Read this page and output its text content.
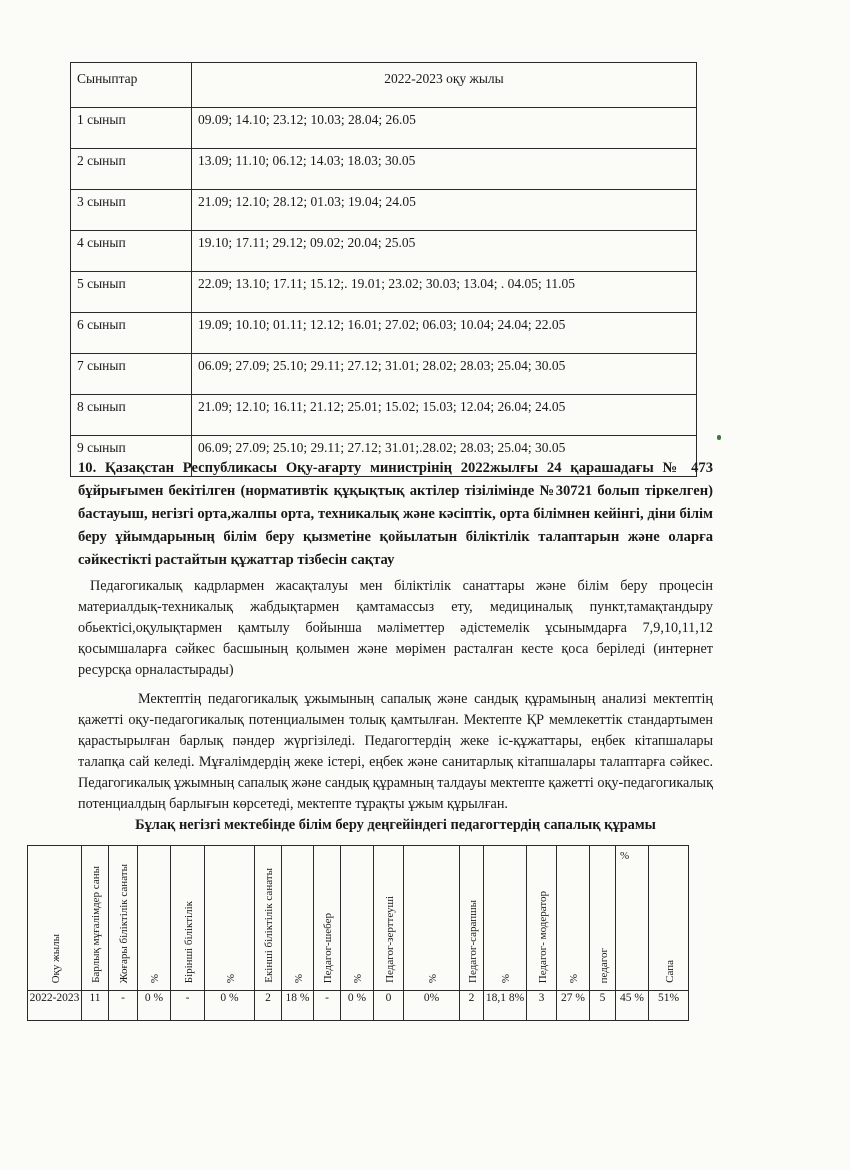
Сыныптар	2022-2023 оқу жылы
1 сынып	09.09; 14.10; 23.12; 10.03; 28.04; 26.05
2 сынып	13.09; 11.10; 06.12; 14.03; 18.03; 30.05
3 сынып	21.09; 12.10; 28.12; 01.03; 19.04; 24.05
4 сынып	19.10; 17.11; 29.12; 09.02; 20.04; 25.05
5 сынып	22.09; 13.10; 17.11; 15.12;. 19.01; 23.02; 30.03; 13.04; . 04.05; 11.05
6 сынып	19.09; 10.10; 01.11; 12.12; 16.01; 27.02; 06.03; 10.04; 24.04; 22.05
7 сынып	06.09; 27.09; 25.10; 29.11; 27.12; 31.01; 28.02; 28.03; 25.04; 30.05
8 сынып	21.09; 12.10; 16.11; 21.12; 25.01; 15.02; 15.03; 12.04; 26.04; 24.05
9 сынып	06.09; 27.09; 25.10; 29.11; 27.12; 31.01;.28.02; 28.03; 25.04; 30.05

10. Қазақстан Республикасы Оқу-ағарту министрінің 2022жылғы 24 қарашадағы № 473 бұйрығымен бекітілген (нормативтік құқықтық актілер тізілімінде №30721 болып тіркелген) бастауыш, негізгі орта,жалпы орта, техникалық және кәсіптік, орта білімнен кейінгі, діни білім беру ұйымдарының білім беру қызметіне қойылатын біліктілік талаптарын және оларға сәйкестікті растайтын құжаттар тізбесін сақтау

Педагогикалық кадрлармен жасақталуы мен біліктілік санаттары және білім беру процесін материалдық-техникалық жабдықтармен қамтамассыз ету, медициналық пункт,тамақтандыру обьектісі,оқулықтармен қамтылу бойынша мәліметтер әдістемелік ұсынымдарға 7,9,10,11,12 қосымшаларға сәйкес басшының қолымен және мөрімен расталған кесте қоса беріледі (интернет ресурсқа орналастырады)

Мектептің педагогикалық ұжымының сапалық және сандық құрамының анализі мектептің қажетті оқу-педагогикалық потенциалымен толық қамтылған. Мектепте ҚР мемлекеттік стандартымен қарастырылған барлық пәндер жүргізіледі. Педагогтердің жеке іс-құжаттары, еңбек кітапшалары талапқа сай келеді. Мұғалімдердің жеке істері, еңбек және санитарлық кітапшалары талаптарға сәйкес. Педагогикалық ұжымның сапалық және сандық құрамның талдауы мектепте қажетті оқу-педагогикалық потенциалдың барлығын көрсетеді, мектепте тұрақты ұжым құрылған.

Бұлақ негізгі мектебінде білім беру деңгейіндегі педагогтердің сапалық құрамы

Оқу жылы	Барлық мұғалімдер саны	Жоғары біліктілік санаты	%	Бірінші біліктілік	%	Екінші біліктілік санаты	%	Педагог-шебер	%	Педагог-зерттеуші	%	Педагог-сарапшы	%	Педагог- модератор	%	педагог	%	Сапа
2022-2023	11	-	0 %	-	0 %	2	18 %	-	0 %	0	0%	2	18,1 8%	3	27 %	5	45 %	51%
